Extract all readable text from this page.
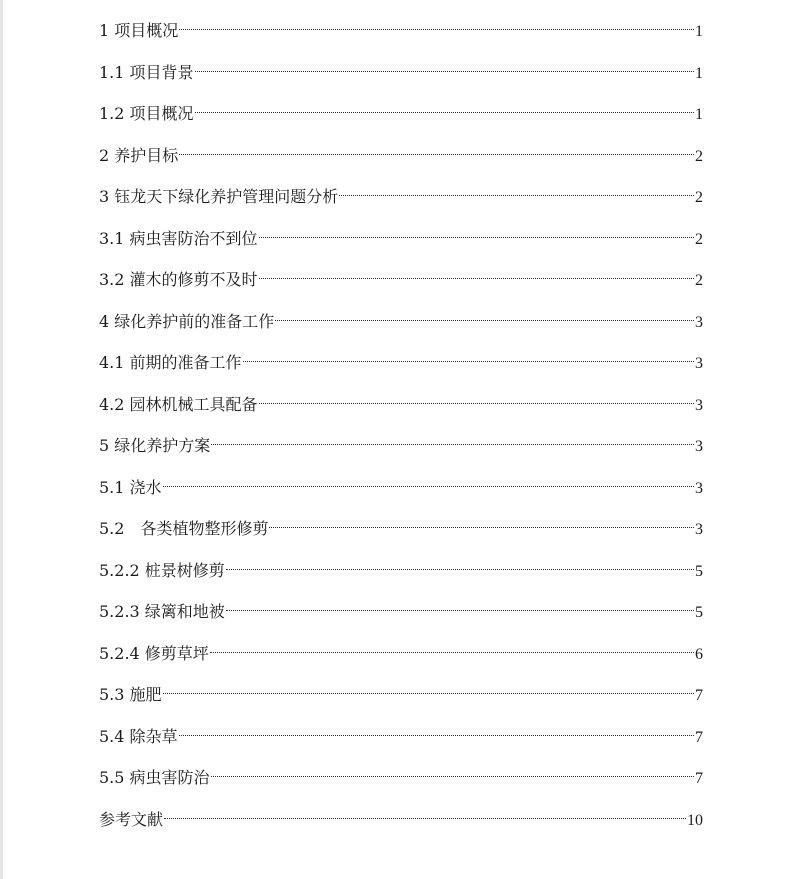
1 项目概况	1
1.1 项目背景	1
1.2 项目概况	1
2 养护目标	2
3 钰龙天下绿化养护管理问题分析	2
3.1 病虫害防治不到位	2
3.2 灌木的修剪不及时	2
4 绿化养护前的准备工作	3
4.1 前期的准备工作	3
4.2 园林机械工具配备	3
5 绿化养护方案	3
5.1 浇水	3
5.2　各类植物整形修剪	3
5.2.2 桩景树修剪	5
5.2.3 绿篱和地被	5
5.2.4 修剪草坪	6
5.3 施肥	7
5.4 除杂草	7
5.5 病虫害防治	7
参考文献	10
